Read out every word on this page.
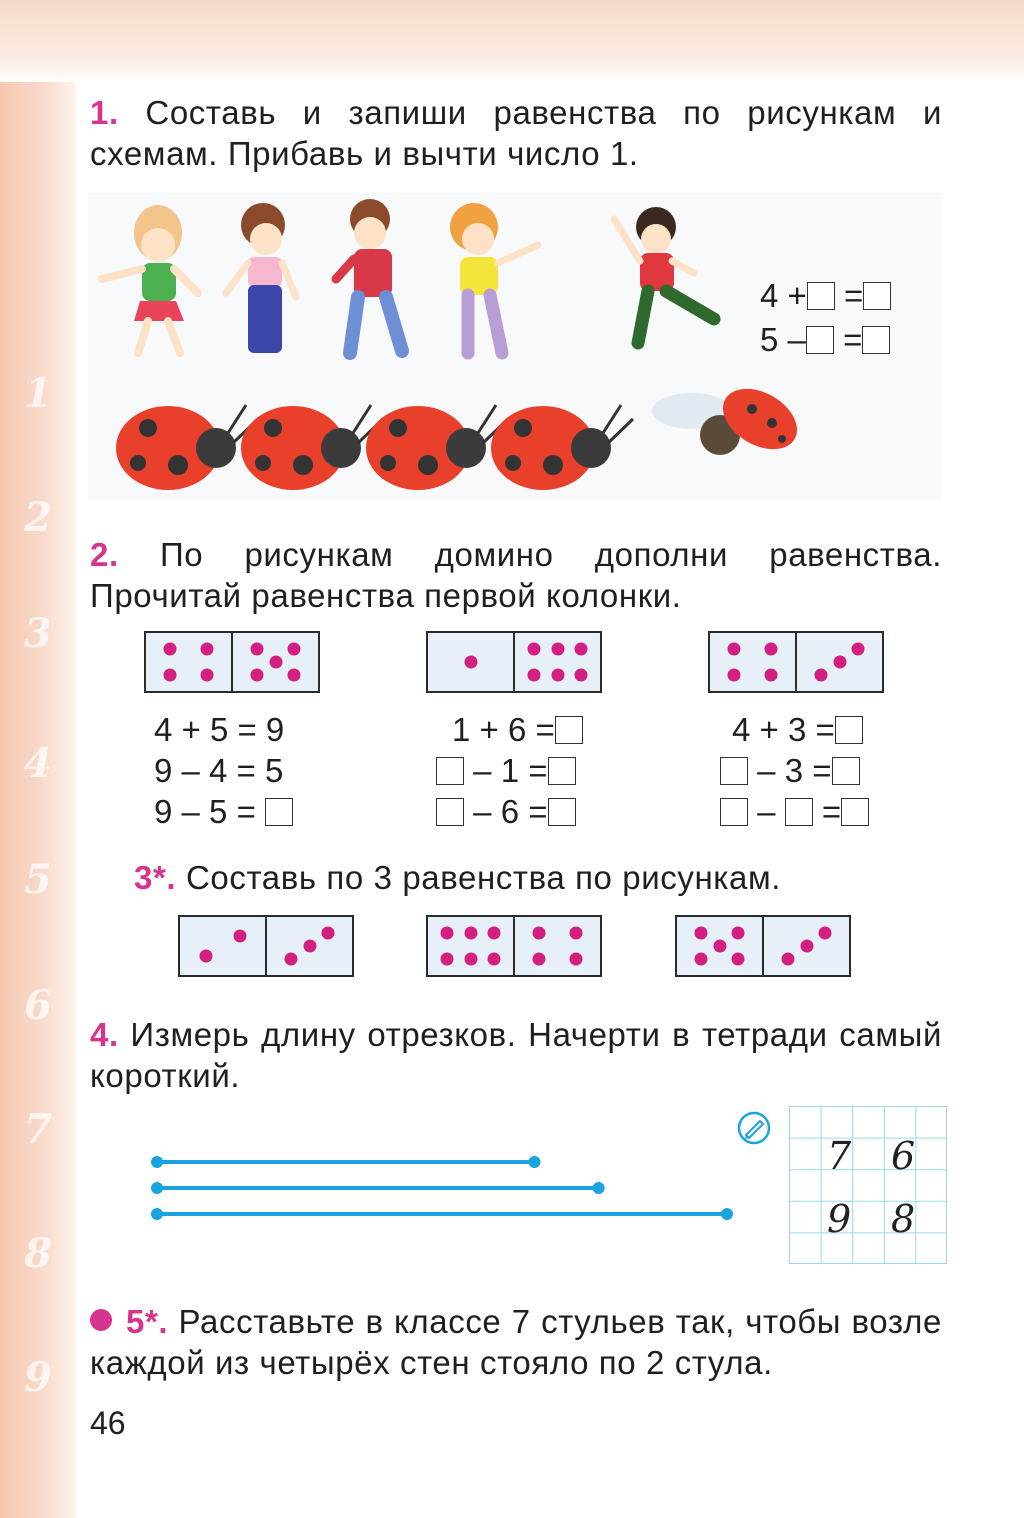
1
2
3
4
5
6
7
8
9

1. Составь и запиши равенства по рисункам и схемам. Прибавь и вычти число 1.

4 + =
5 – =

2. По рисункам домино дополни равенства. Прочитай равенства первой колонки.

4 + 5 = 9
9 – 4 = 5
9 – 5 =
1 + 6 =
– 1 =
– 6 =
4 + 3 =
– 3 =
– =

3*. Составь по 3 равенства по рисункам.

4. Измерь длину отрезков. Начерти в тетради самый короткий.

7 6
9 8

5*. Расставьте в классе 7 стульев так, чтобы возле каждой из четырёх стен стояло по 2 стула.

46
